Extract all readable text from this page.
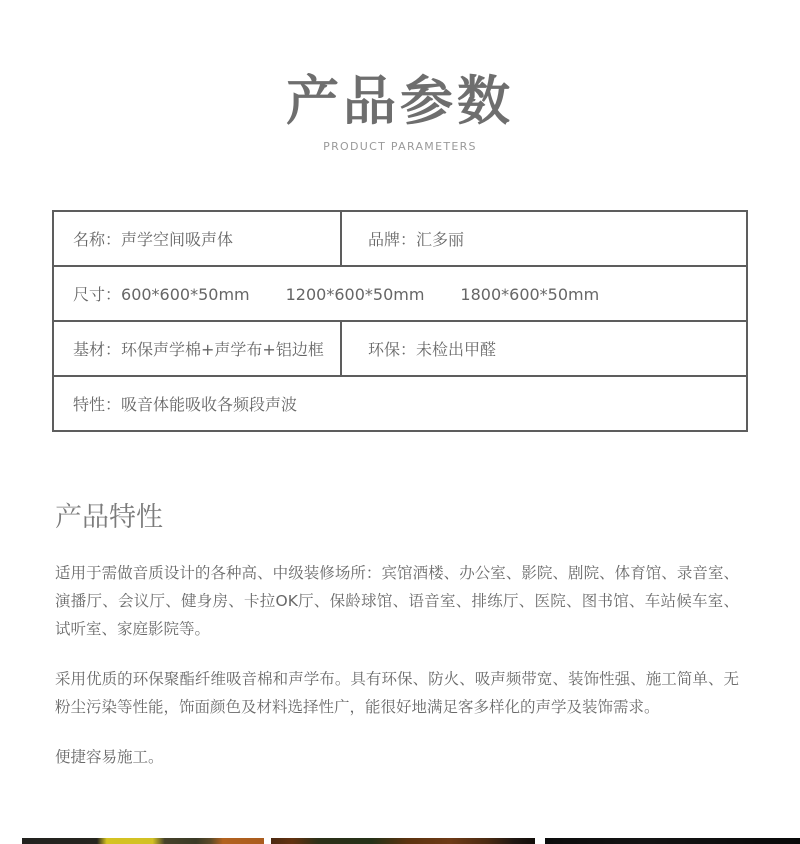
产品参数
PRODUCT PARAMETERS
名称：声学空间吸声体	品牌：汇多丽
尺寸：600*600*50mm 1200*600*50mm 1800*600*50mm	
基材：环保声学棉+声学布+铝边框	环保：未检出甲醛
特性：吸音体能吸收各频段声波	
产品特性

适用于需做音质设计的各种高、中级装修场所：宾馆酒楼、办公室、影院、剧院、体育馆、录音室、演播厅、会议厅、健身房、卡拉OK厅、保龄球馆、语音室、排练厅、医院、图书馆、车站候车室、试听室、家庭影院等。

采用优质的环保聚酯纤维吸音棉和声学布。具有环保、防火、吸声频带宽、装饰性强、施工简单、无粉尘污染等性能，饰面颜色及材料选择性广，能很好地满足客多样化的声学及装饰需求。

便捷容易施工。
